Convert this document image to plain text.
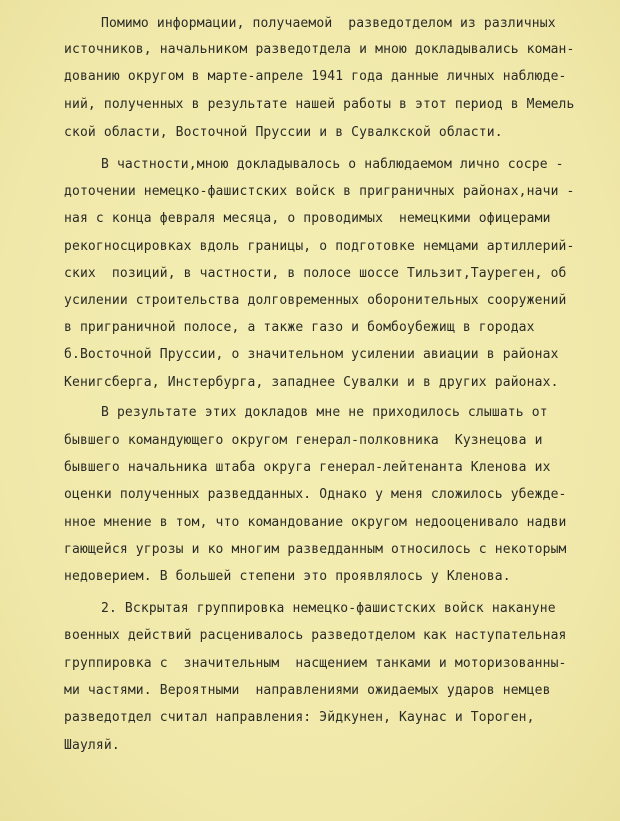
Помимо информации, получаемой  разведотделом из различных
источников, начальником разведотдела и мною докладывались коман-
дованию округом в марте-апреле 1941 года данные личных наблюде-
ний, полученных в результате нашей работы в этот период в Мемель
ской области, Восточной Пруссии и в Сувалкской области.
В частности,мною докладывалось о наблюдаемом лично сосре -
доточении немецко-фашистских войск в приграничных районах,начи -
ная с конца февраля месяца, о проводимых  немецкими офицерами
рекогносцировках вдоль границы, о подготовке немцами артиллерий-
ских  позиций, в частности, в полосе шоссе Тильзит,Тауреген, об
усилении строительства долговременных оборонительных сооружений
в приграничной полосе, а также газо и бомбоубежищ в городах
б.Восточной Пруссии, о значительном усилении авиации в районах
Кенигсберга, Инстербурга, западнее Сувалки и в других районах.
В результате этих докладов мне не приходилось слышать от
бывшего командующего округом генерал-полковника  Кузнецова и
бывшего начальника штаба округа генерал-лейтенанта Кленова их
оценки полученных разведданных. Однако у меня сложилось убежде-
нное мнение в том, что командование округом недооценивало надви
гающейся угрозы и ко многим разведданным относилось с некоторым
недоверием. В большей степени это проявлялось у Кленова.
2. Вскрытая группировка немецко-фашистских войск накануне
военных действий расценивалось разведотделом как наступательная
группировка с  значительным  насщением танками и моторизованны-
ми частями. Вероятными  направлениями ожидаемых ударов немцев
разведотдел считал направления: Эйдкунен, Каунас и Тороген,
Шауляй.
